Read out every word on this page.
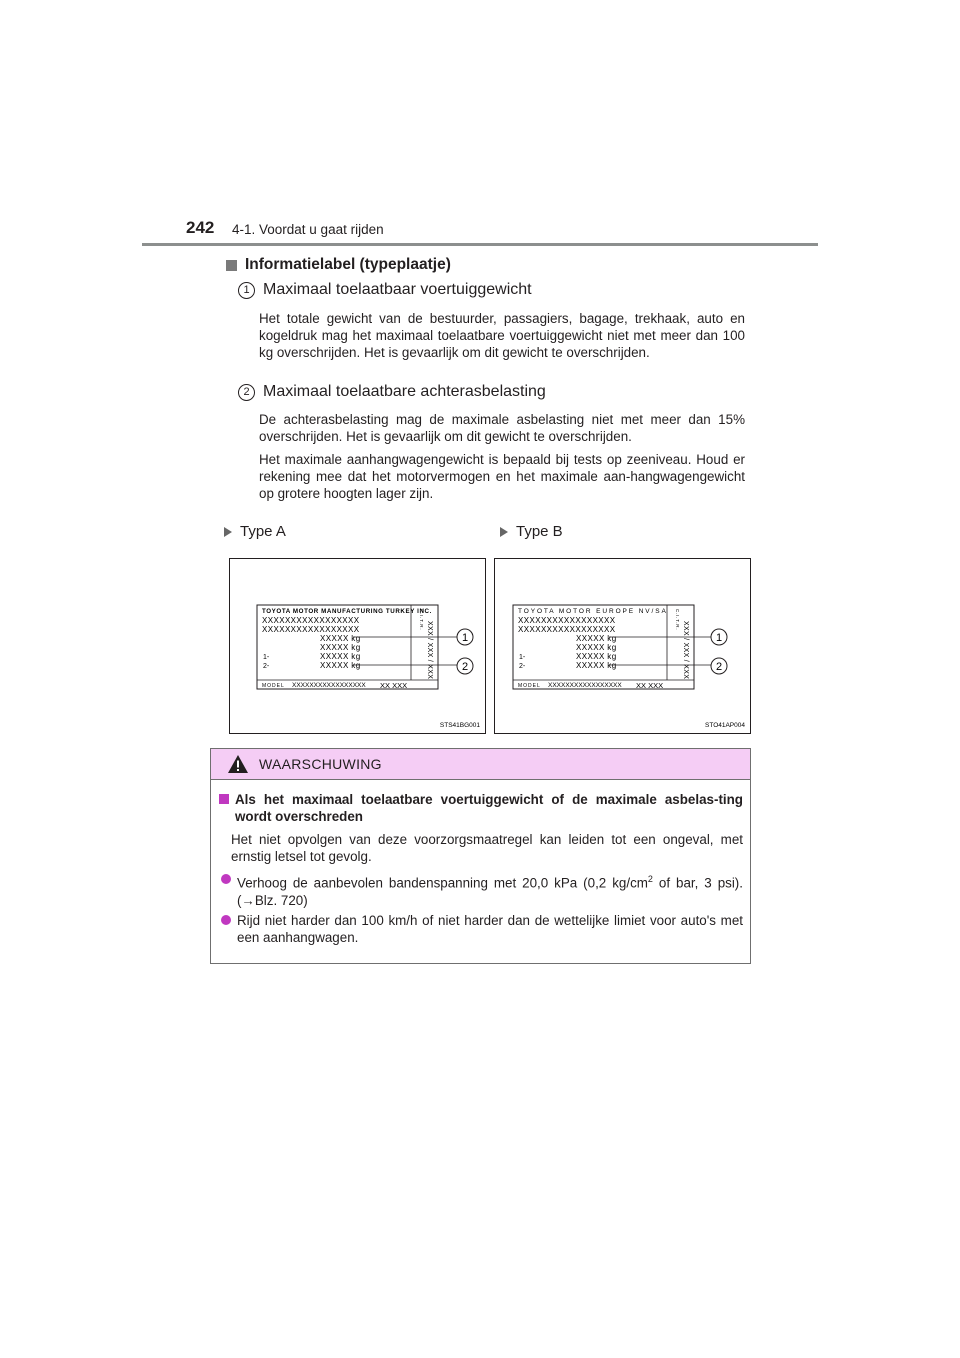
242 4-1. Voordat u gaat rijden
Informatielabel (typeplaatje)
1 Maximaal toelaatbaar voertuiggewicht
Het totale gewicht van de bestuurder, passagiers, bagage, trekhaak, auto en kogeldruk mag het maximaal toelaatbare voertuiggewicht niet met meer dan 100 kg overschrijden. Het is gevaarlijk om dit gewicht te overschrijden.
2 Maximaal toelaatbare achterasbelasting
De achterasbelasting mag de maximale asbelasting niet met meer dan 15% overschrijden. Het is gevaarlijk om dit gewicht te overschrijden.
Het maximale aanhangwagengewicht is bepaald bij tests op zeeniveau. Houd er rekening mee dat het motorvermogen en het maximale aan-hangwagengewicht op grotere hoogten lager zijn.
Type A	Type B
TOYOTA MOTOR MANUFACTURING TURKEY INC.
XXXXXXXXXXXXXXXXX
XXXXXXXXXXXXXXXXX
XXXXX kg
XXXXX kg
1-	XXXXX kg
2-	XXXXX kg
MODEL XXXXXXXXXXXXXXXXX XX XXX
C.I.T.R.
XXX / XXX / XXX	1
2
STS41BG001
TOYOTA MOTOR EUROPE NV/SA
XXXXXXXXXXXXXXXXX
XXXXXXXXXXXXXXXXX
XXXXX kg
XXXXX kg
1-	XXXXX kg
2-	XXXXX kg
MODEL XXXXXXXXXXXXXXXXX XX XXX
C.I.T.R.
XXX / XXX / XXX 1
2
STO41AP004
WAARSCHUWING
Als het maximaal toelaatbare voertuiggewicht of de maximale asbelas-ting wordt overschreden
Het niet opvolgen van deze voorzorgsmaatregel kan leiden tot een ongeval, met ernstig letsel tot gevolg.
Verhoog de aanbevolen bandenspanning met 20,0 kPa (0,2 $kg/cm^2$ of bar, 3 psi). (→Blz. 720)
Rijd niet harder dan 100 km/h of niet harder dan de wettelijke limiet voor auto's met een aanhangwagen.
